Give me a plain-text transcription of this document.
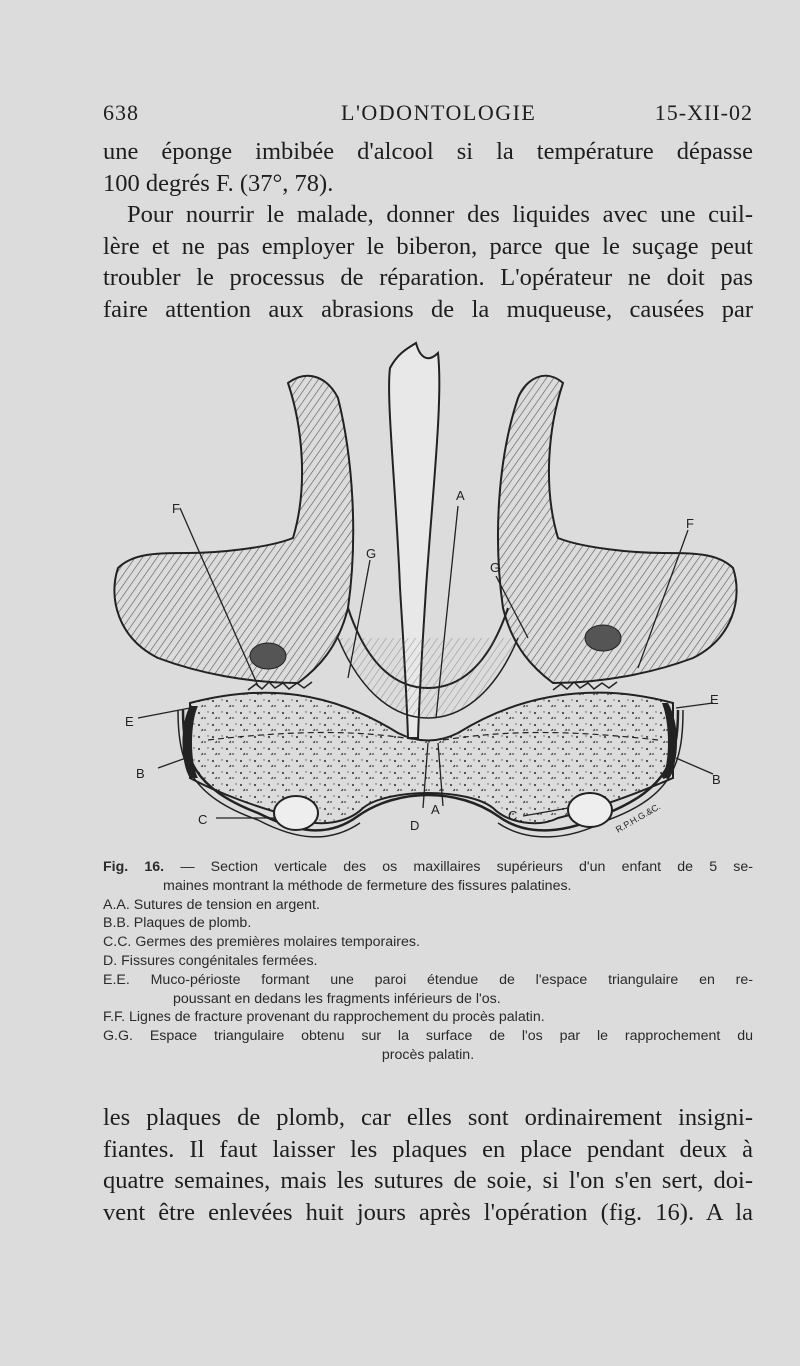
638	L'ODONTOLOGIE	15-XII-02

une éponge imbibée d'alcool si la température dépasse

100 degrés F. (37°, 78).

Pour nourrir le malade, donner des liquides avec une cuil-

lère et ne pas employer le biberon, parce que le suçage peut

troubler le processus de réparation. L'opérateur ne doit pas

faire attention aux abrasions de la muqueuse, causées par

A
A
G
G
F
F
E
E
B	B
C	C
D	R.P.H.G.&C.
Fig. 16. — Section verticale des os maxillaires supérieurs d'un enfant de 5 se-
maines montrant la méthode de fermeture des fissures palatines.
A.A. Sutures de tension en argent.
B.B. Plaques de plomb.
C.C. Germes des premières molaires temporaires.
D. Fissures congénitales fermées.
E.E. Muco-périoste formant une paroi étendue de l'espace triangulaire en re-
poussant en dedans les fragments inférieurs de l'os.
F.F. Lignes de fracture provenant du rapprochement du procès palatin.
G.G. Espace triangulaire obtenu sur la surface de l'os par le rapprochement du
procès palatin.

les plaques de plomb, car elles sont ordinairement insigni-

fiantes. Il faut laisser les plaques en place pendant deux à

quatre semaines, mais les sutures de soie, si l'on s'en sert, doi-

vent être enlevées huit jours après l'opération (fig. 16). A la
